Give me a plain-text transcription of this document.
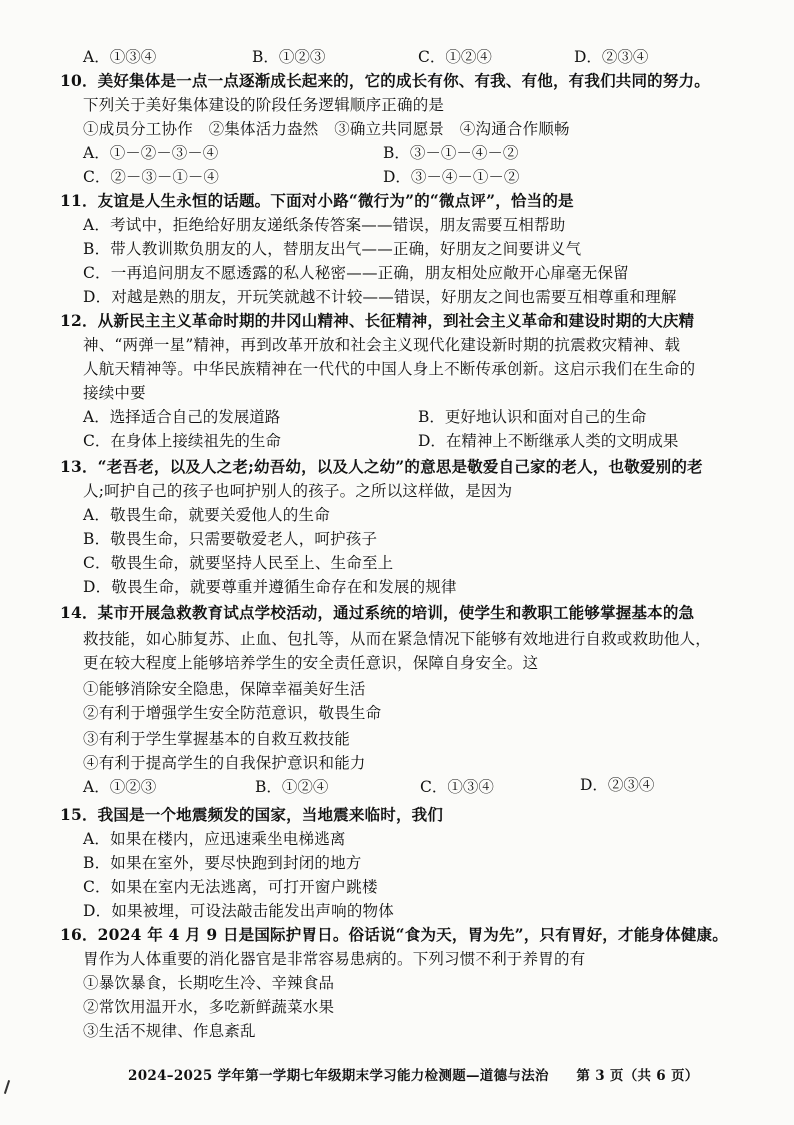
A．①③④	B．①②③	C．①②④	D．②③④
10．美好集体是一点一点逐渐成长起来的，它的成长有你、有我、有他，有我们共同的努力。
下列关于美好集体建设的阶段任务逻辑顺序正确的是
①成员分工协作　②集体活力盎然　③确立共同愿景　④沟通合作顺畅
A．①－②－③－④	B．③－①－④－②
C．②－③－①－④	D．③－④－①－②
11．友谊是人生永恒的话题。下面对小路“微行为”的“微点评”，恰当的是
A．考试中，拒绝给好朋友递纸条传答案——错误，朋友需要互相帮助
B．带人教训欺负朋友的人，替朋友出气——正确，好朋友之间要讲义气
C．一再追问朋友不愿透露的私人秘密——正确，朋友相处应敞开心扉毫无保留
D．对越是熟的朋友，开玩笑就越不计较——错误，好朋友之间也需要互相尊重和理解
12．从新民主主义革命时期的井冈山精神、长征精神，到社会主义革命和建设时期的大庆精
神、“两弹一星”精神，再到改革开放和社会主义现代化建设新时期的抗震救灾精神、载
人航天精神等。中华民族精神在一代代的中国人身上不断传承创新。这启示我们在生命的
接续中要
A．选择适合自己的发展道路	B．更好地认识和面对自己的生命
C．在身体上接续祖先的生命	D．在精神上不断继承人类的文明成果
13．“老吾老，以及人之老;幼吾幼，以及人之幼”的意思是敬爱自己家的老人，也敬爱别的老
人;呵护自己的孩子也呵护别人的孩子。之所以这样做，是因为
A．敬畏生命，就要关爱他人的生命
B．敬畏生命，只需要敬爱老人，呵护孩子
C．敬畏生命，就要坚持人民至上、生命至上
D．敬畏生命，就要尊重并遵循生命存在和发展的规律
14．某市开展急救教育试点学校活动，通过系统的培训，使学生和教职工能够掌握基本的急
救技能，如心肺复苏、止血、包扎等，从而在紧急情况下能够有效地进行自救或救助他人，
更在较大程度上能够培养学生的安全责任意识，保障自身安全。这
①能够消除安全隐患，保障幸福美好生活
②有利于增强学生安全防范意识，敬畏生命
③有利于学生掌握基本的自救互救技能
④有利于提高学生的自我保护意识和能力
A．①②③	B．①②④	C．①③④	D．②③④
15．我国是一个地震频发的国家，当地震来临时，我们
A．如果在楼内，应迅速乘坐电梯逃离
B．如果在室外，要尽快跑到封闭的地方
C．如果在室内无法逃离，可打开窗户跳楼
D．如果被埋，可设法敲击能发出声响的物体
16．2024 年 4 月 9 日是国际护胃日。俗话说“食为天，胃为先”，只有胃好，才能身体健康。
胃作为人体重要的消化器官是非常容易患病的。下列习惯不利于养胃的有
①暴饮暴食，长期吃生冷、辛辣食品
②常饮用温开水，多吃新鲜蔬菜水果
③生活不规律、作息紊乱
2024–2025 学年第一学期七年级期末学习能力检测题—道德与法治　　第 3 页（共 6 页）
